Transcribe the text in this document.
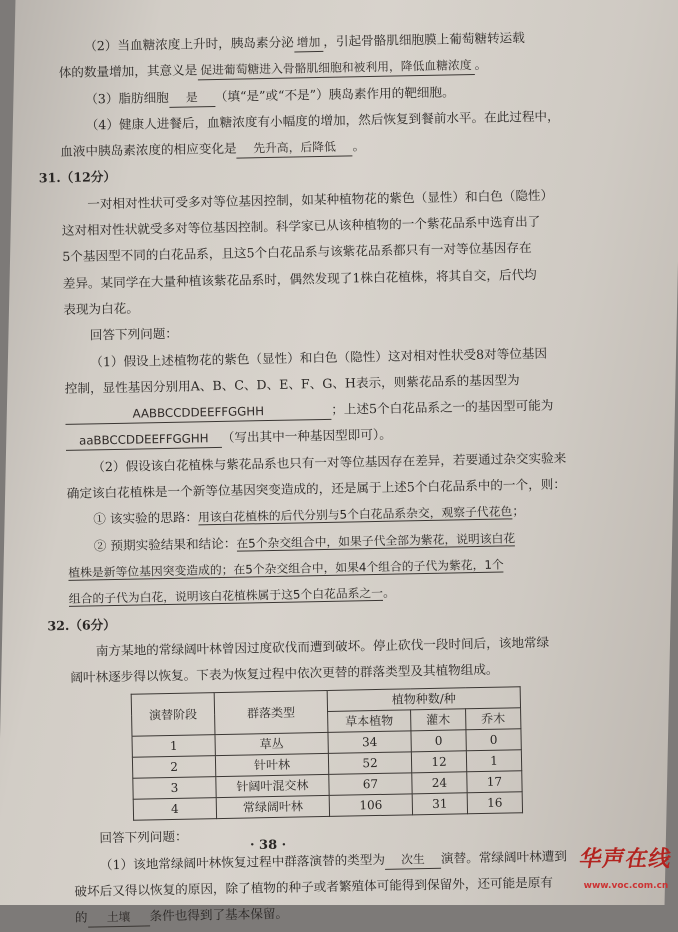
（2）当血糖浓度上升时，胰岛素分泌 增加 ，引起骨骼肌细胞膜上葡萄糖转运载
体的数量增加，其意义是 促进葡萄糖进入骨骼肌细胞和被利用，降低血糖浓度 。
（3）脂肪细胞 是 （填“是”或“不是”）胰岛素作用的靶细胞。
（4）健康人进餐后，血糖浓度有小幅度的增加，然后恢复到餐前水平。在此过程中，
血液中胰岛素浓度的相应变化是 先升高，后降低 。
31.（12分）
一对相对性状可受多对等位基因控制，如某种植物花的紫色（显性）和白色（隐性）
这对相对性状就受多对等位基因控制。科学家已从该种植物的一个紫花品系中选育出了
5个基因型不同的白花品系，且这5个白花品系与该紫花品系都只有一对等位基因存在
差异。某同学在大量种植该紫花品系时，偶然发现了1株白花植株，将其自交，后代均
表现为白花。
回答下列问题：
（1）假设上述植物花的紫色（显性）和白色（隐性）这对相对性状受8对等位基因
控制，显性基因分别用A、B、C、D、E、F、G、H表示，则紫花品系的基因型为
AABBCCDDEEFFGGHH	；上述5个白花品系之一的基因型可能为
aaBBCCDDEEFFGGHH （写出其中一种基因型即可）。
（2）假设该白花植株与紫花品系也只有一对等位基因存在差异，若要通过杂交实验来
确定该白花植株是一个新等位基因突变造成的，还是属于上述5个白花品系中的一个，则：
① 该实验的思路：用该白花植株的后代分别与5个白花品系杂交，观察子代花色；
② 预期实验结果和结论：在5个杂交组合中，如果子代全部为紫花，说明该白花
植株是新等位基因突变造成的；在5个杂交组合中，如果4个组合的子代为紫花，1个
组合的子代为白花，说明该白花植株属于这5个白花品系之一。
32.（6分）
南方某地的常绿阔叶林曾因过度砍伐而遭到破坏。停止砍伐一段时间后，该地常绿
阔叶林逐步得以恢复。下表为恢复过程中依次更替的群落类型及其植物组成。
演替阶段	群落类型	植物种数/种		
		草本植物	灌木	乔木
1	草丛	34	0	0
2	针叶林	52	12	1
3	针阔叶混交林	67	24	17
4	常绿阔叶林	106	31	16
回答下列问题：
（1）该地常绿阔叶林恢复过程中群落演替的类型为 次生 演替。常绿阔叶林遭到
破坏后又得以恢复的原因，除了植物的种子或者繁殖体可能得到保留外，还可能是原有
的 土壤 条件也得到了基本保留。
· 38 ·
华声在线
www.voc.com.cn
